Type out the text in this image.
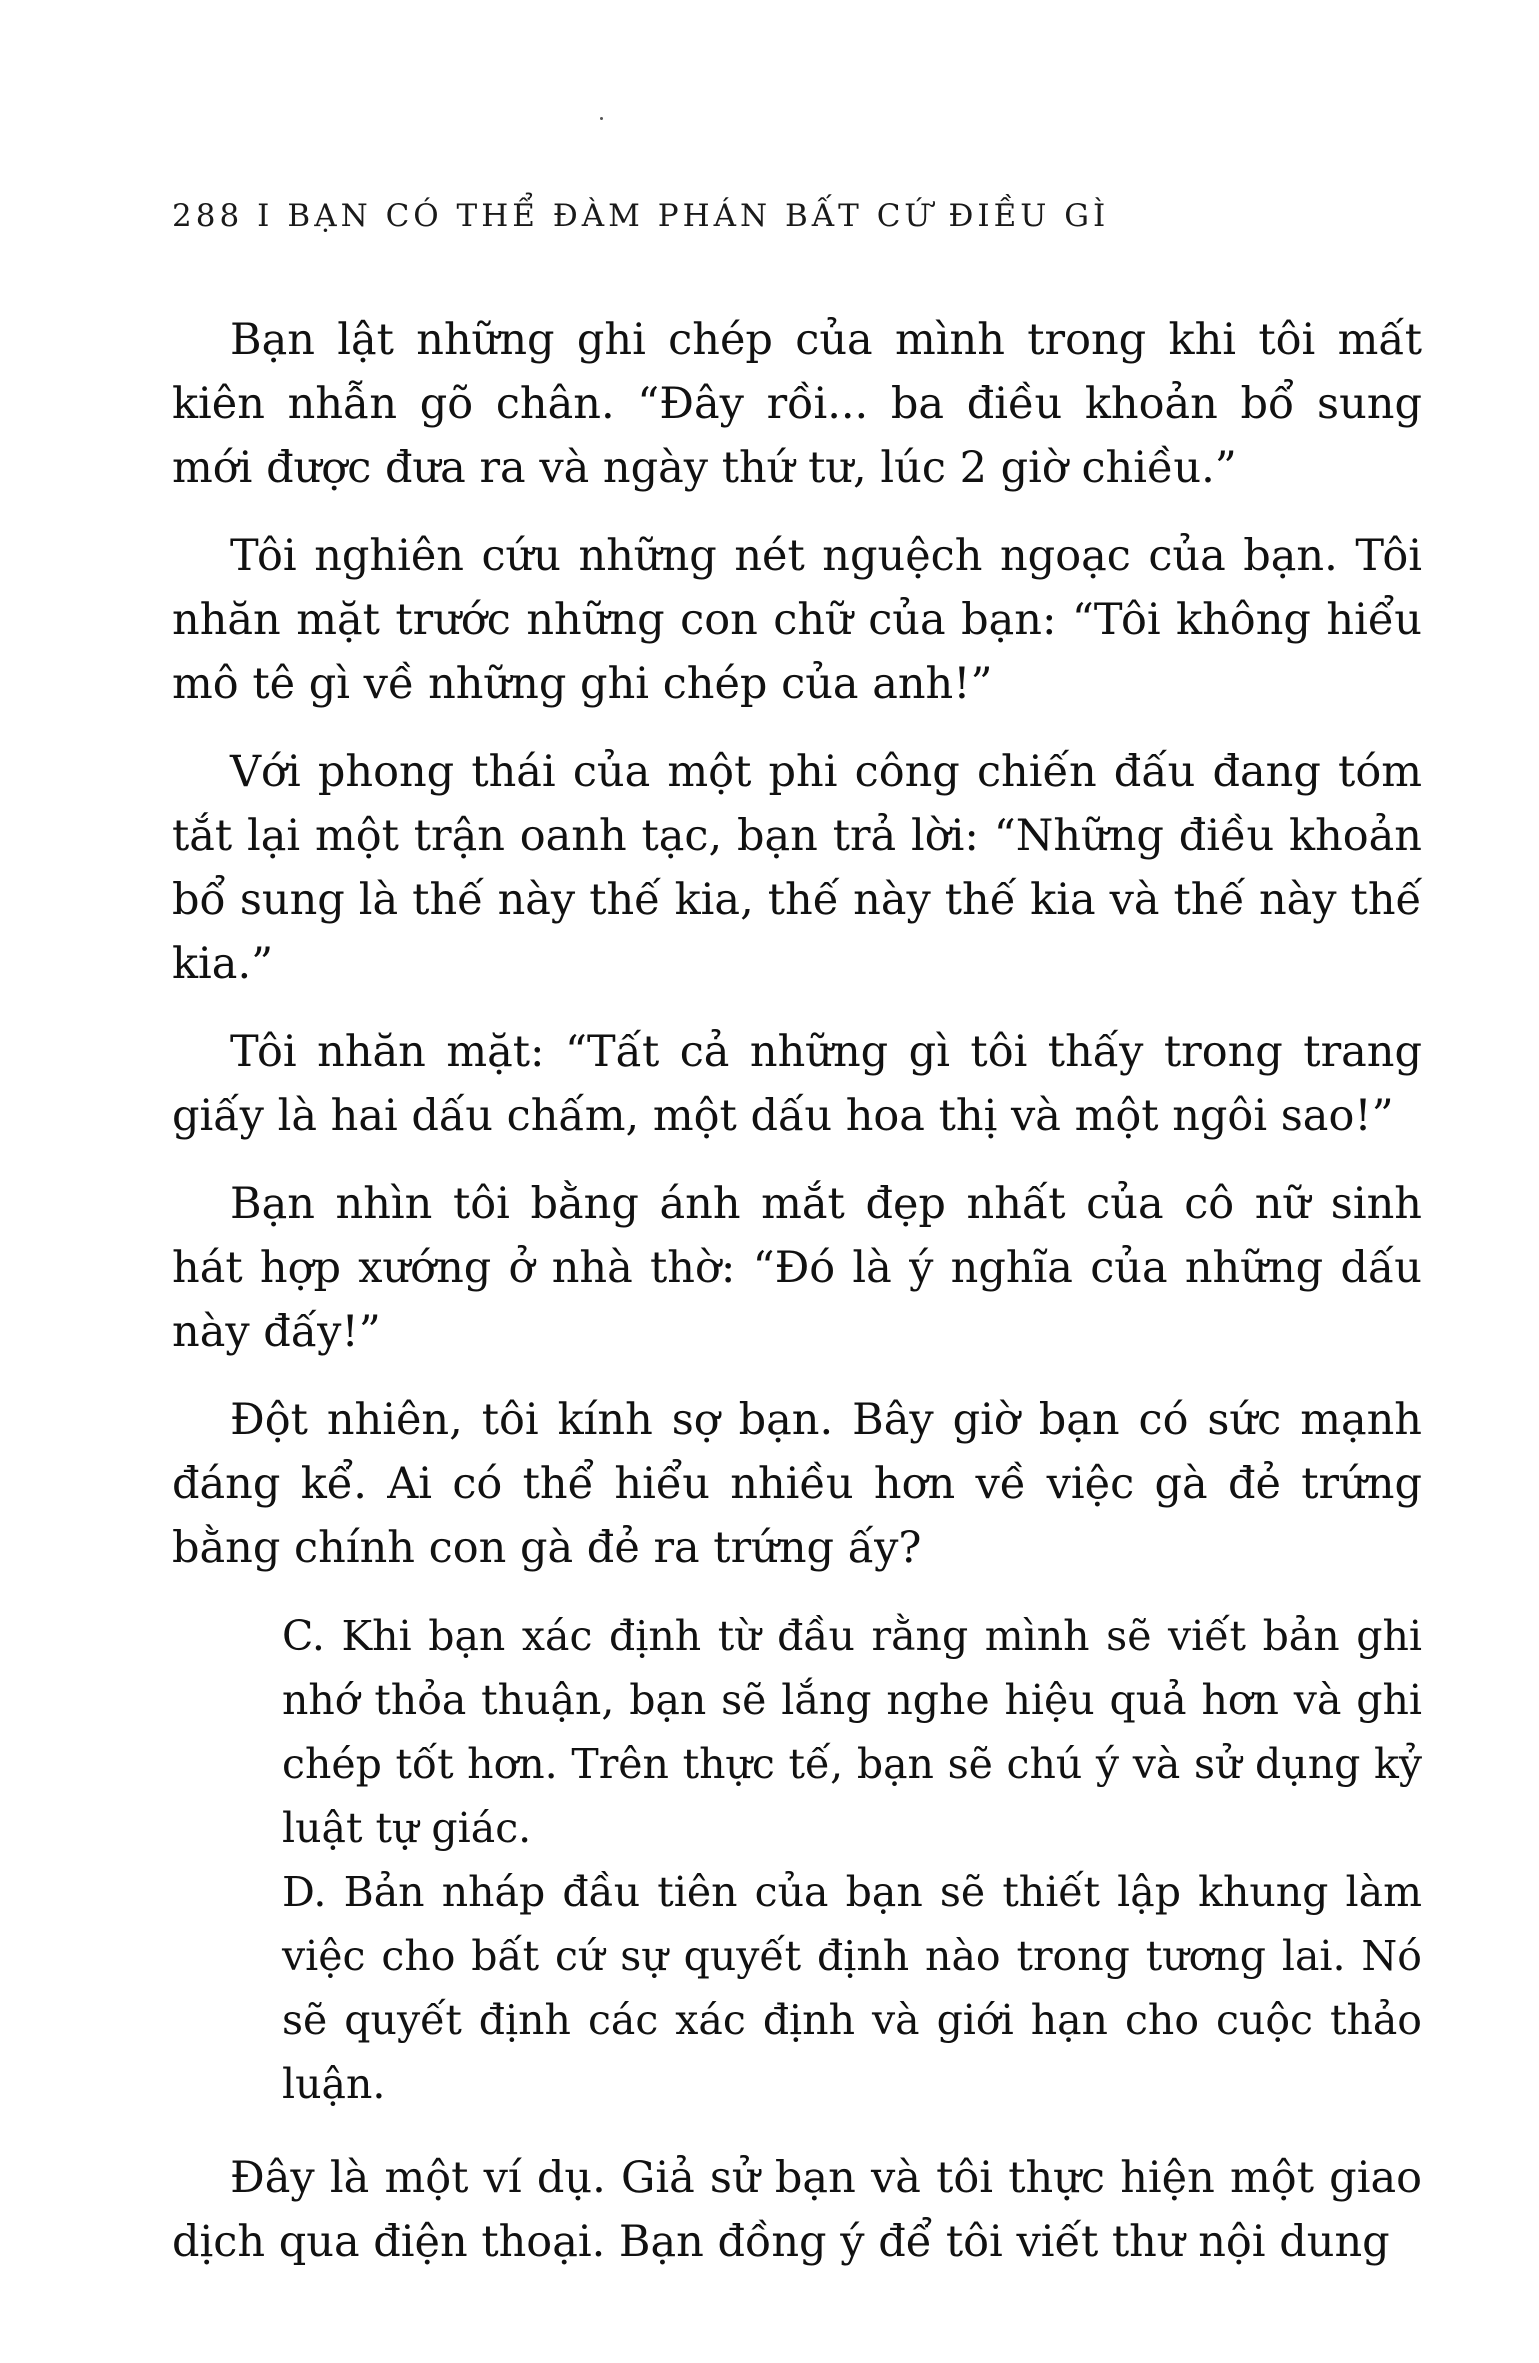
288 I BẠN CÓ THỂ ĐÀM PHÁN BẤT CỨ ĐIỀU GÌ

Bạn lật những ghi chép của mình trong khi tôi mất kiên nhẫn gõ chân. “Đây rồi... ba điều khoản bổ sung mới được đưa ra và ngày thứ tư, lúc 2 giờ chiều.”

Tôi nghiên cứu những nét nguệch ngoạc của bạn. Tôi nhăn mặt trước những con chữ của bạn: “Tôi không hiểu mô tê gì về những ghi chép của anh!”

Với phong thái của một phi công chiến đấu đang tóm tắt lại một trận oanh tạc, bạn trả lời: “Những điều khoản bổ sung là thế này thế kia, thế này thế kia và thế này thế kia.”

Tôi nhăn mặt: “Tất cả những gì tôi thấy trong trang giấy là hai dấu chấm, một dấu hoa thị và một ngôi sao!”

Bạn nhìn tôi bằng ánh mắt đẹp nhất của cô nữ sinh hát hợp xướng ở nhà thờ: “Đó là ý nghĩa của những dấu này đấy!”

Đột nhiên, tôi kính sợ bạn. Bây giờ bạn có sức mạnh đáng kể. Ai có thể hiểu nhiều hơn về việc gà đẻ trứng bằng chính con gà đẻ ra trứng ấy?

C. Khi bạn xác định từ đầu rằng mình sẽ viết bản ghi nhớ thỏa thuận, bạn sẽ lắng nghe hiệu quả hơn và ghi chép tốt hơn. Trên thực tế, bạn sẽ chú ý và sử dụng kỷ luật tự giác.

D. Bản nháp đầu tiên của bạn sẽ thiết lập khung làm việc cho bất cứ sự quyết định nào trong tương lai. Nó sẽ quyết định các xác định và giới hạn cho cuộc thảo luận.

Đây là một ví dụ. Giả sử bạn và tôi thực hiện một giao dịch qua điện thoại. Bạn đồng ý để tôi viết thư nội dung
